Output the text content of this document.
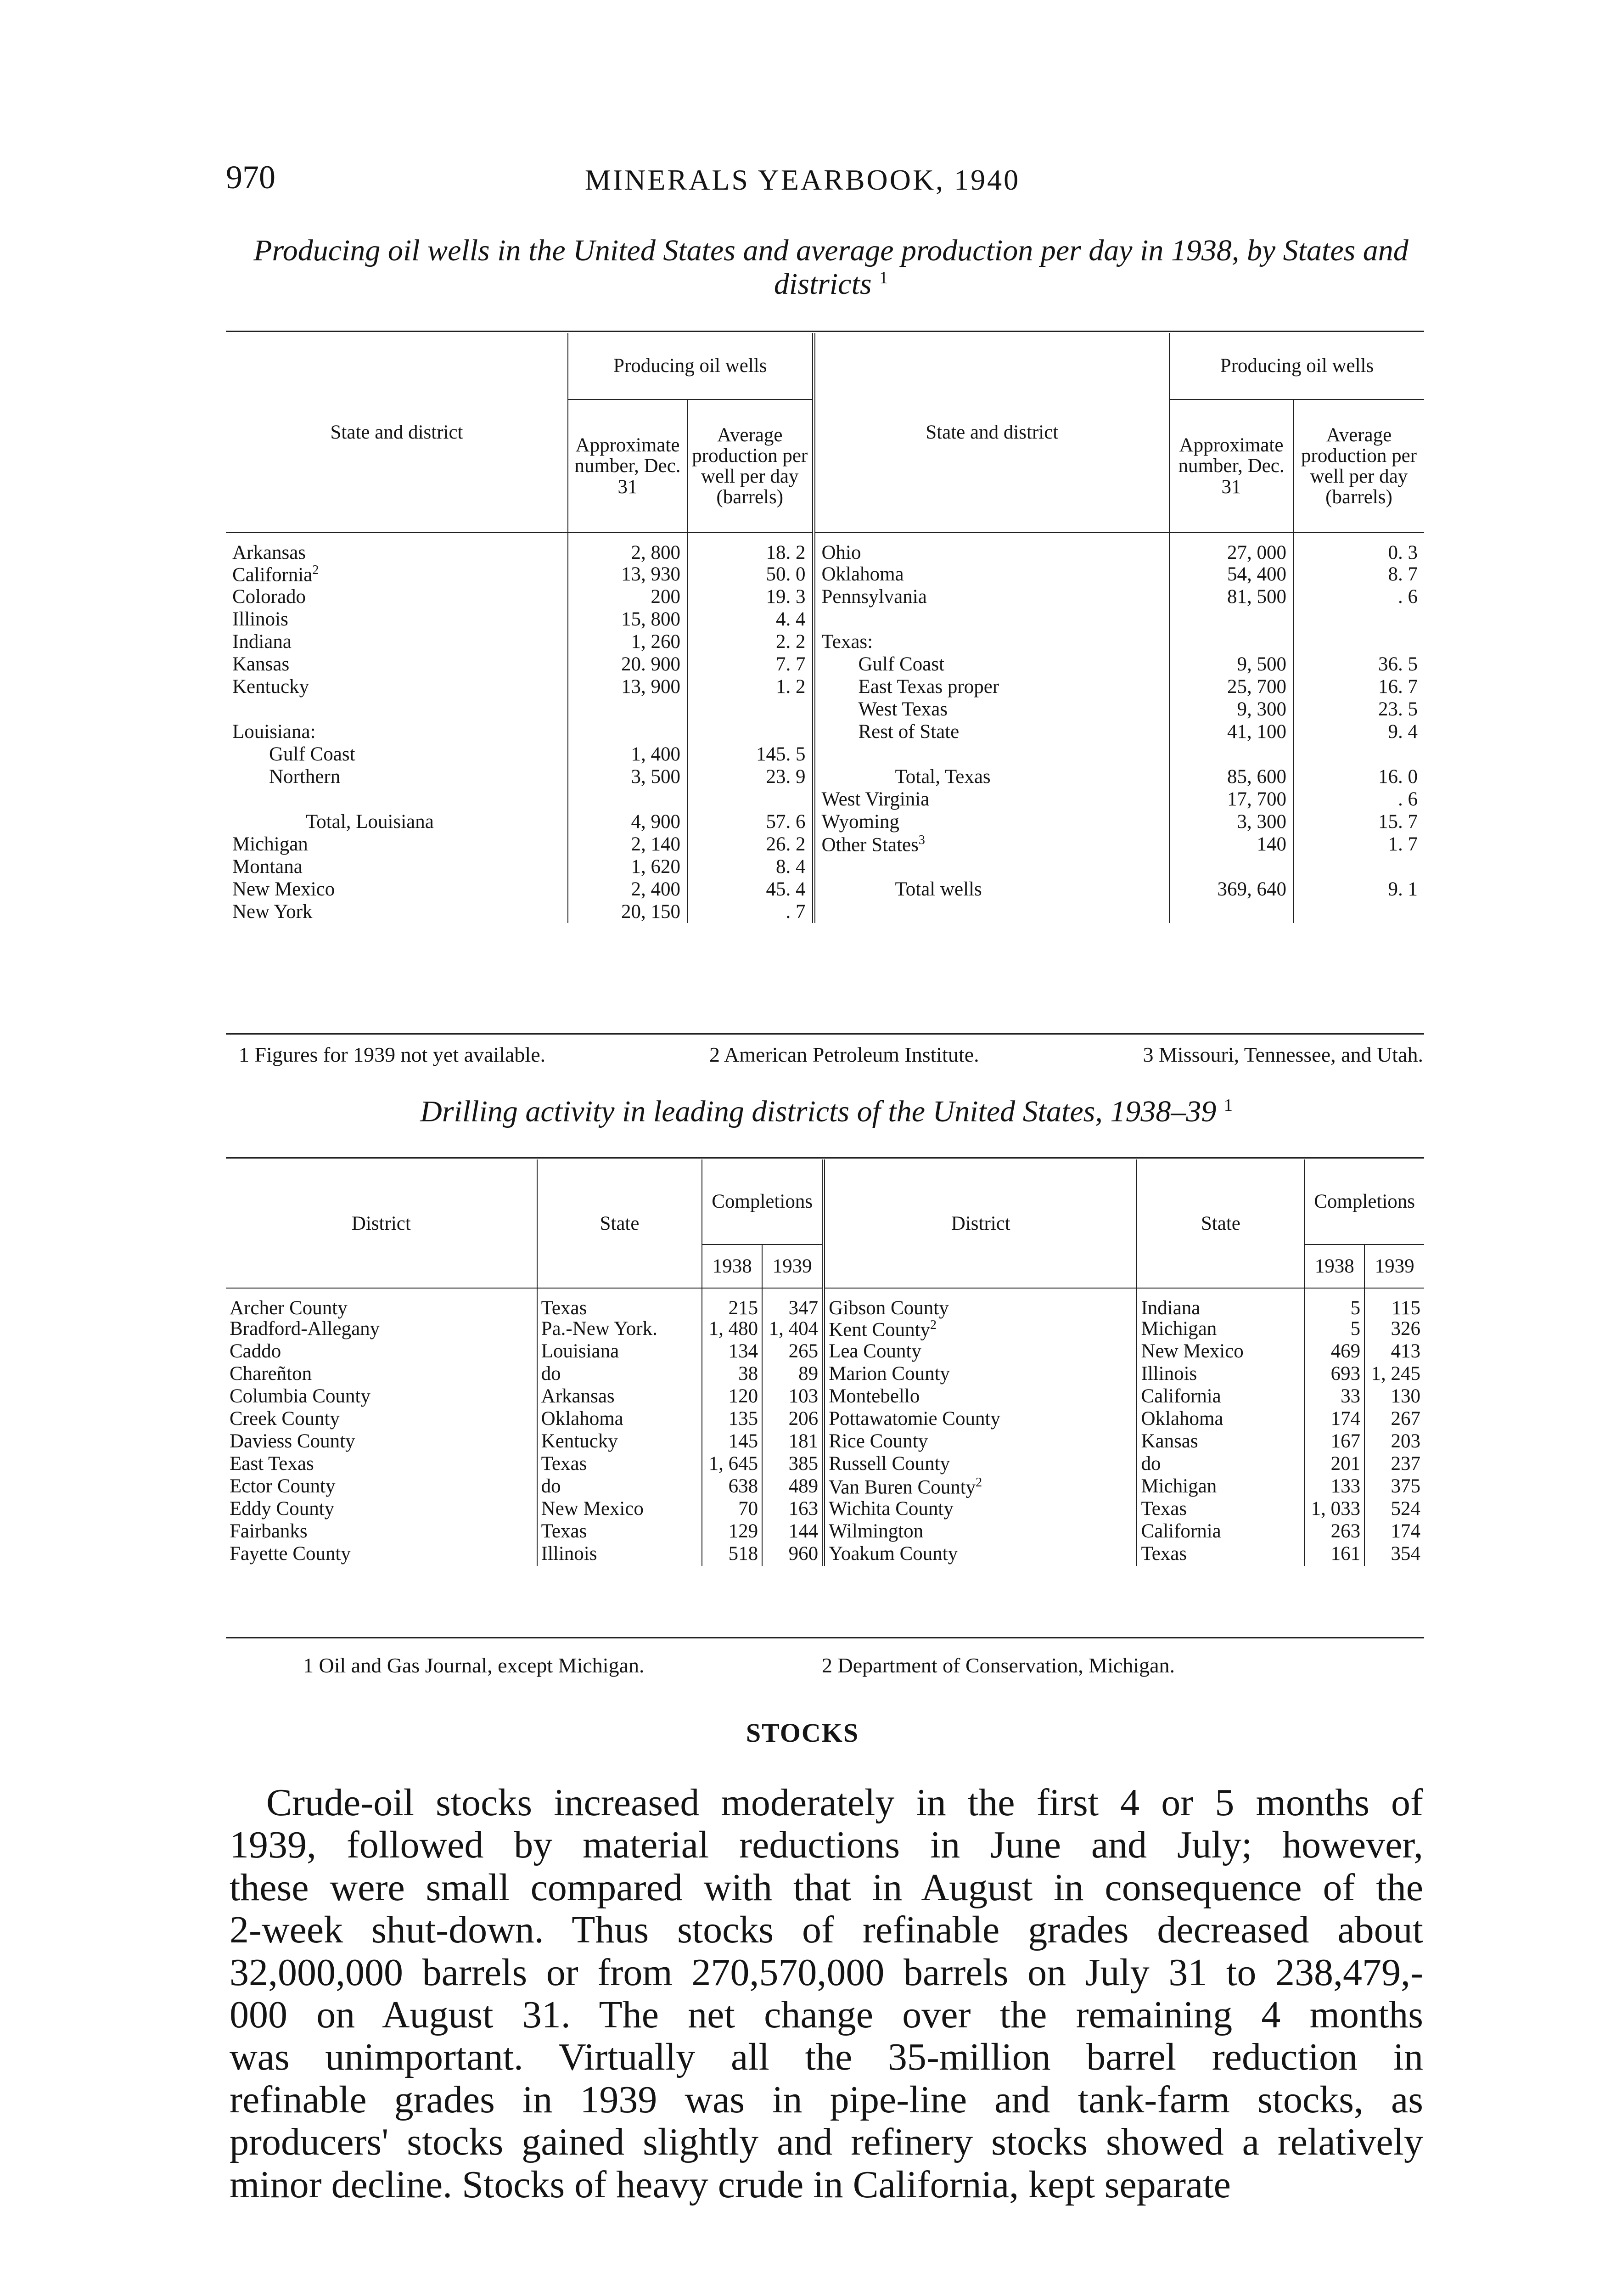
970	MINERALS YEARBOOK, 1940
Producing oil wells in the United States and average production per day in 1938, by States and districts $^1$
State and district	Producing oil wells		State and district	Producing oil wells	
	Approximate number, Dec. 31	Average production per well per day (barrels)		Approximate number, Dec. 31	Average production per well per day (barrels)
Arkansas	2, 800	18. 2	Ohio	27, 000	0. 3
California$^2$	13, 930	50. 0	Oklahoma	54, 400	8. 7
Colorado	200	19. 3	Pennsylvania	81, 500	. 6
Illinois	15, 800	4. 4			
Indiana	1, 260	2. 2	Texas:		
Kansas	20. 900	7. 7	Gulf Coast	9, 500	36. 5
Kentucky	13, 900	1. 2	East Texas proper	25, 700	16. 7
			West Texas	9, 300	23. 5
Louisiana:			Rest of State	41, 100	9. 4
Gulf Coast	1, 400	145. 5			
Northern	3, 500	23. 9	Total, Texas	85, 600	16. 0
			West Virginia	17, 700	. 6
Total, Louisiana	4, 900	57. 6	Wyoming	3, 300	15. 7
Michigan	2, 140	26. 2	Other States$^3$	140	1. 7
Montana	1, 620	8. 4			
New Mexico	2, 400	45. 4	Total wells	369, 640	9. 1
New York	20, 150	. 7			
1 Figures for 1939 not yet available.	2 American Petroleum Institute.	3 Missouri, Tennessee, and Utah.
Drilling activity in leading districts of the United States, 1938–39 $^1$
District	State	Completions		District	State	Completions	
		1938	1939			1938	1939
Archer County	Texas	215	347	Gibson County	Indiana	5	115
Bradford-Allegany	Pa.-New York.	1, 480	1, 404	Kent County$^2$	Michigan	5	326
Caddo	Louisiana	134	265	Lea County	New Mexico	469	413
Chareñton	do	38	89	Marion County	Illinois	693	1, 245
Columbia County	Arkansas	120	103	Montebello	California	33	130
Creek County	Oklahoma	135	206	Pottawatomie County	Oklahoma	174	267
Daviess County	Kentucky	145	181	Rice County	Kansas	167	203
East Texas	Texas	1, 645	385	Russell County	do	201	237
Ector County	do	638	489	Van Buren County$^2$	Michigan	133	375
Eddy County	New Mexico	70	163	Wichita County	Texas	1, 033	524
Fairbanks	Texas	129	144	Wilmington	California	263	174
Fayette County	Illinois	518	960	Yoakum County	Texas	161	354
1 Oil and Gas Journal, except Michigan.	2 Department of Conservation, Michigan.
STOCKS
Crude-oil stocks increased moderately in the first 4 or 5 months of
1939, followed by material reductions in June and July; however,
these were small compared with that in August in consequence of the
2-week shut-down. Thus stocks of refinable grades decreased about
32,000,000 barrels or from 270,570,000 barrels on July 31 to 238,479,-
000 on August 31. The net change over the remaining 4 months
was unimportant. Virtually all the 35-million barrel reduction in
refinable grades in 1939 was in pipe-line and tank-farm stocks, as
producers' stocks gained slightly and refinery stocks showed a relatively
minor decline. Stocks of heavy crude in California, kept separate
